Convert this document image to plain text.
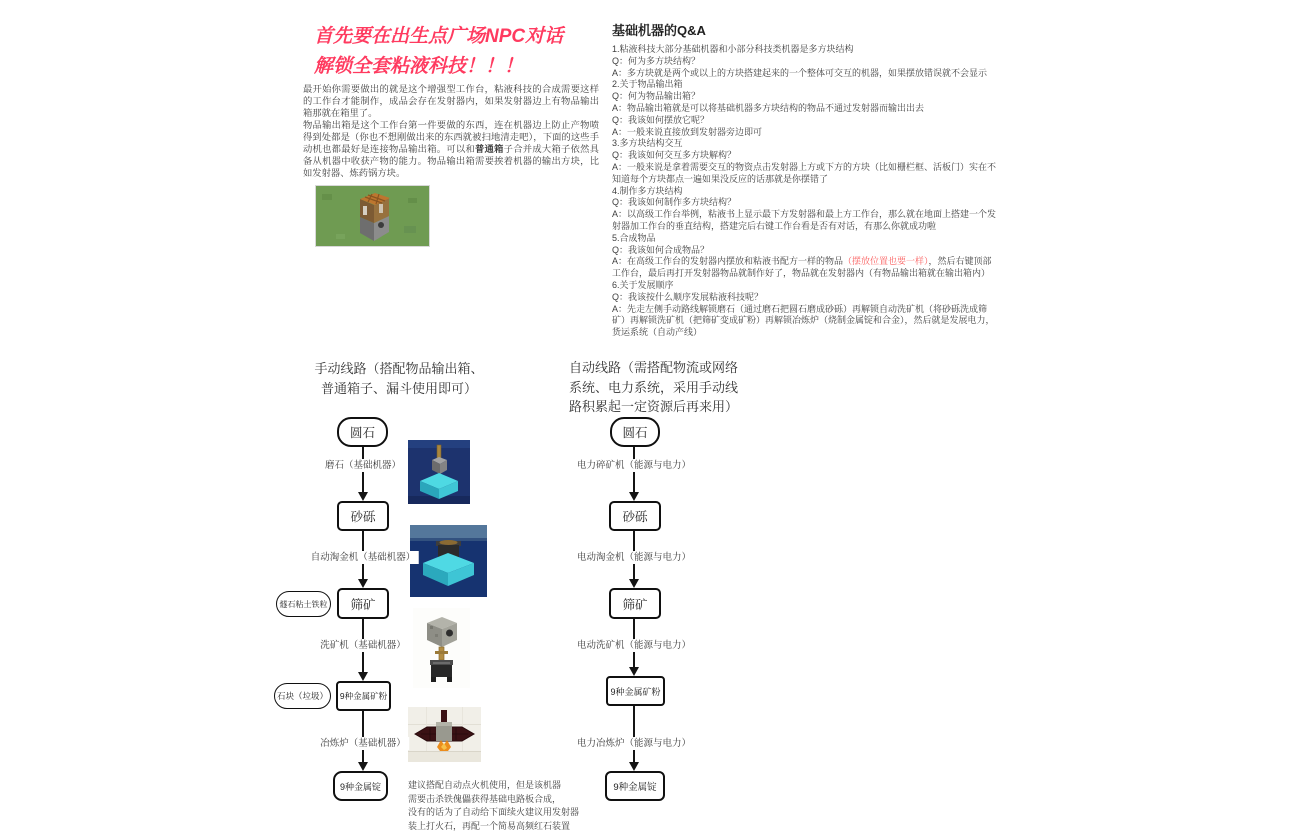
首先要在出生点广场NPC对话
解锁全套粘液科技！！！
最开始你需要做出的就是这个增强型工作台，粘液科技的合成需要这样的工作台才能制作，成品会存在发射器内，如果发射器边上有物品输出箱那就在箱里了。
物品输出箱是这个工作台第一件要做的东西，连在机器边上防止产物喷得到处都是（你也不想刚做出来的东西就被扫地清走吧），下面的这些手动机也都最好是连接物品输出箱。可以和普通箱子合并成大箱子依然具备从机器中收获产物的能力。物品输出箱需要挨着机器的输出方块，比如发射器、炼药锅方块。
基础机器的Q&A
1.粘液科技大部分基础机器和小部分科技类机器是多方块结构
Q：何为多方块结构？
A：多方块就是两个或以上的方块搭建起来的一个整体可交互的机器，如果摆放错误就不会显示
2.关于物品输出箱
Q：何为物品输出箱？
A：物品输出箱就是可以将基础机器多方块结构的物品不通过发射器而输出出去
Q：我该如何摆放它呢？
A：一般来说直接放到发射器旁边即可
3.多方块结构交互
Q：我该如何交互多方块解构？
A：一般来说是拿着需要交互的物资点击发射器上方或下方的方块（比如栅栏框、活板门）实在不知道每个方块都点一遍如果没反应的话那就是你摆错了
4.制作多方块结构
Q：我该如何制作多方块结构？
A：以高级工作台举例，粘液书上显示最下方发射器和最上方工作台，那么就在地面上搭建一个发射器加工作台的垂直结构，搭建完后右键工作台看是否有对话，有那么你就成功啦
5.合成物品
Q：我该如何合成物品？
A：在高级工作台的发射器内摆放和粘液书配方一样的物品（摆放位置也要一样），然后右键顶部工作台，最后再打开发射器物品就制作好了，物品就在发射器内（有物品输出箱就在输出箱内）
6.关于发展顺序
Q：我该按什么顺序发展粘液科技呢？
A：先走左侧手动路线解锁磨石（通过磨石把圆石磨成砂砾）再解锁自动洗矿机（将砂砾洗成筛矿）再解锁洗矿机（把筛矿变成矿粉）再解锁冶炼炉（烧制金属锭和合金），然后就是发展电力，货运系统（自动产线）
手动线路（搭配物品输出箱、
普通箱子、漏斗使用即可）
自动线路（需搭配物流或网络
系统、电力系统，采用手动线
路积累起一定资源后再来用）
圆石
磨石（基础机器）
砂砾
自动淘金机（基础机器）
筛矿
燧石粘土铁粒
洗矿机（基础机器）
9种金属矿粉
石块（垃圾）
冶炼炉（基础机器）
9种金属锭	建议搭配自动点火机使用，但是该机器
需要击杀铁傀儡获得基础电路板合成，
没有的话为了自动给下面续火建议用发射器
装上打火石，再配一个简易高频红石装置
圆石
电力碎矿机（能源与电力）
砂砾
电动淘金机（能源与电力）
筛矿
电动洗矿机（能源与电力）
9种金属矿粉
电力冶炼炉（能源与电力）
9种金属锭
